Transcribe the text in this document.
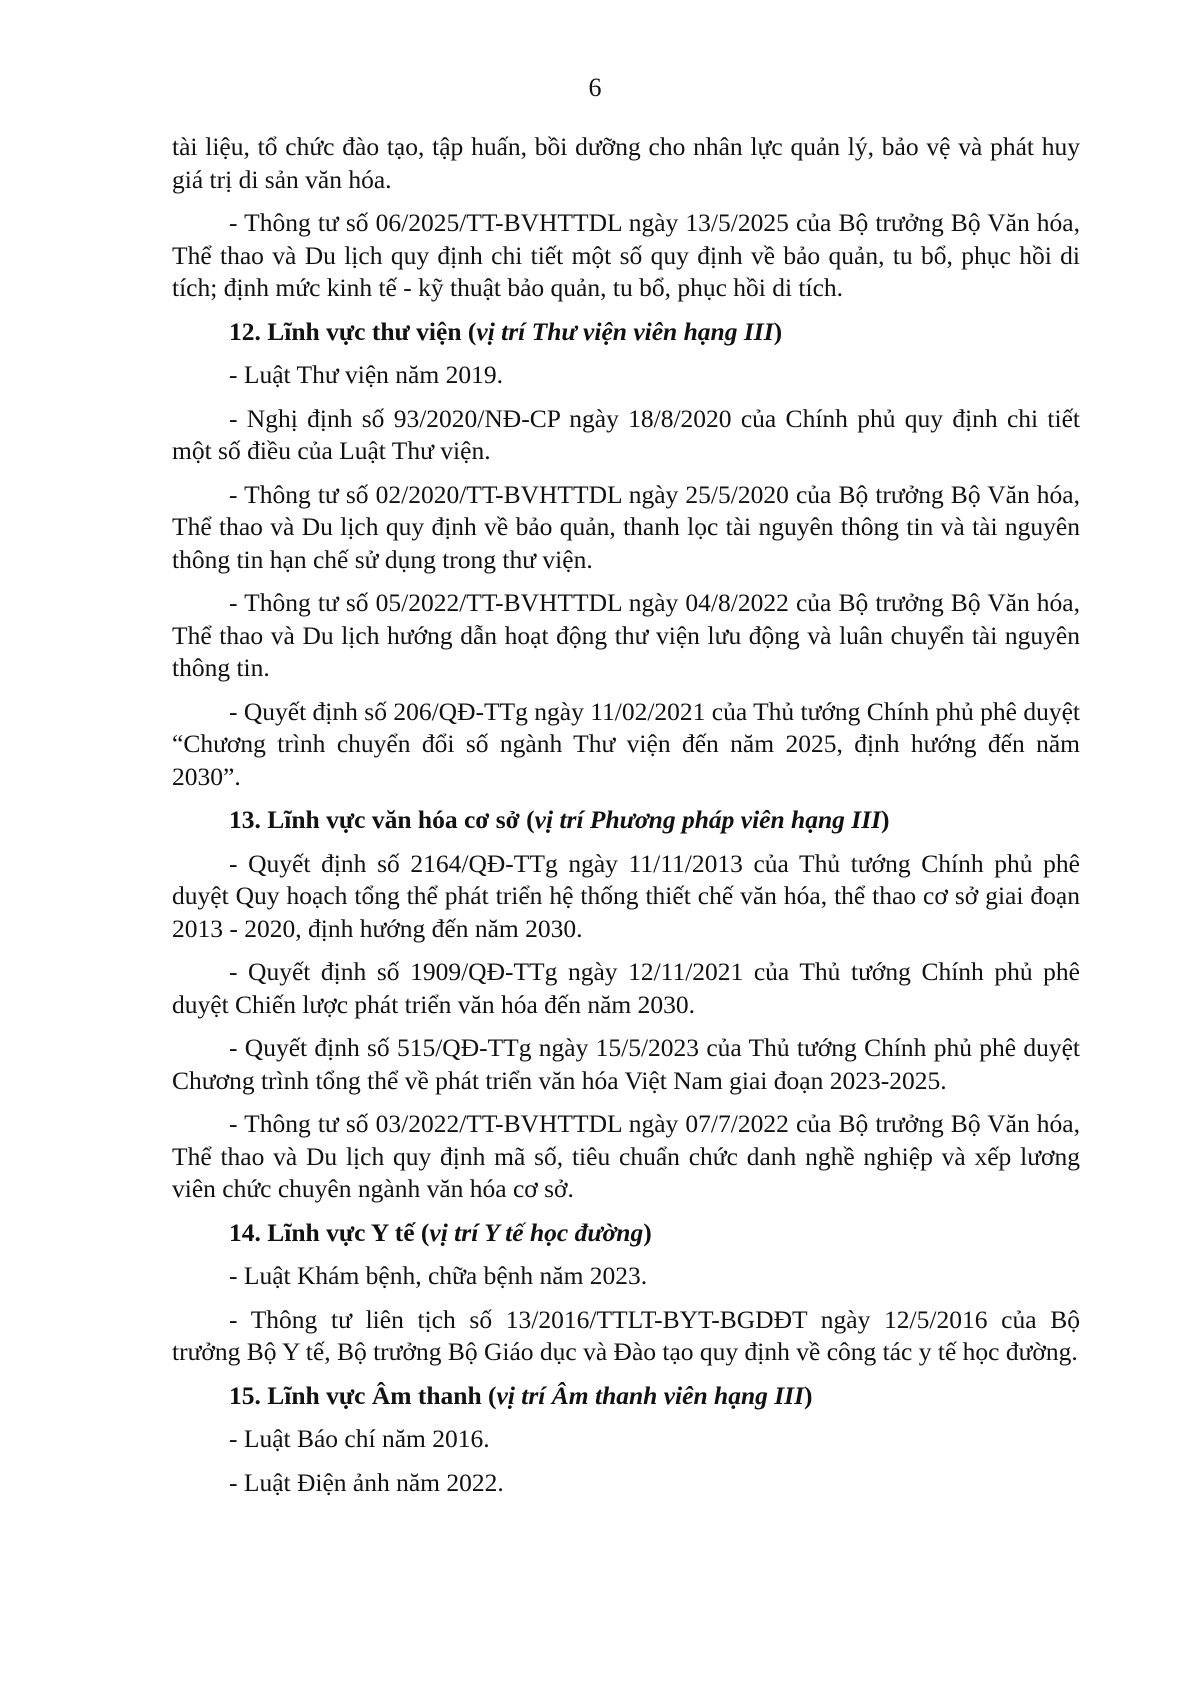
6

tài liệu, tổ chức đào tạo, tập huấn, bồi dưỡng cho nhân lực quản lý, bảo vệ và phát huy giá trị di sản văn hóa.

- Thông tư số 06/2025/TT-BVHTTDL ngày 13/5/2025 của Bộ trưởng Bộ Văn hóa, Thể thao và Du lịch quy định chi tiết một số quy định về bảo quản, tu bổ, phục hồi di tích; định mức kinh tế - kỹ thuật bảo quản, tu bổ, phục hồi di tích.

12. Lĩnh vực thư viện (vị trí Thư viện viên hạng III)

- Luật Thư viện năm 2019.

- Nghị định số 93/2020/NĐ-CP ngày 18/8/2020 của Chính phủ quy định chi tiết một số điều của Luật Thư viện.

- Thông tư số 02/2020/TT-BVHTTDL ngày 25/5/2020 của Bộ trưởng Bộ Văn hóa, Thể thao và Du lịch quy định về bảo quản, thanh lọc tài nguyên thông tin và tài nguyên thông tin hạn chế sử dụng trong thư viện.

- Thông tư số 05/2022/TT-BVHTTDL ngày 04/8/2022 của Bộ trưởng Bộ Văn hóa, Thể thao và Du lịch hướng dẫn hoạt động thư viện lưu động và luân chuyển tài nguyên thông tin.

- Quyết định số 206/QĐ-TTg ngày 11/02/2021 của Thủ tướng Chính phủ phê duyệt “Chương trình chuyển đổi số ngành Thư viện đến năm 2025, định hướng đến năm 2030”.

13. Lĩnh vực văn hóa cơ sở (vị trí Phương pháp viên hạng III)

- Quyết định số 2164/QĐ-TTg ngày 11/11/2013 của Thủ tướng Chính phủ phê duyệt Quy hoạch tổng thể phát triển hệ thống thiết chế văn hóa, thể thao cơ sở giai đoạn 2013 - 2020, định hướng đến năm 2030.

- Quyết định số 1909/QĐ-TTg ngày 12/11/2021 của Thủ tướng Chính phủ phê duyệt Chiến lược phát triển văn hóa đến năm 2030.

- Quyết định số 515/QĐ-TTg ngày 15/5/2023 của Thủ tướng Chính phủ phê duyệt Chương trình tổng thể về phát triển văn hóa Việt Nam giai đoạn 2023-2025.

- Thông tư số 03/2022/TT-BVHTTDL ngày 07/7/2022 của Bộ trưởng Bộ Văn hóa, Thể thao và Du lịch quy định mã số, tiêu chuẩn chức danh nghề nghiệp và xếp lương viên chức chuyên ngành văn hóa cơ sở.

14. Lĩnh vực Y tế (vị trí Y tế học đường)

- Luật Khám bệnh, chữa bệnh năm 2023.

- Thông tư liên tịch số 13/2016/TTLT-BYT-BGDĐT ngày 12/5/2016 của Bộ trưởng Bộ Y tế, Bộ trưởng Bộ Giáo dục và Đào tạo quy định về công tác y tế học đường.

15. Lĩnh vực Âm thanh (vị trí Âm thanh viên hạng III)

- Luật Báo chí năm 2016.

- Luật Điện ảnh năm 2022.
